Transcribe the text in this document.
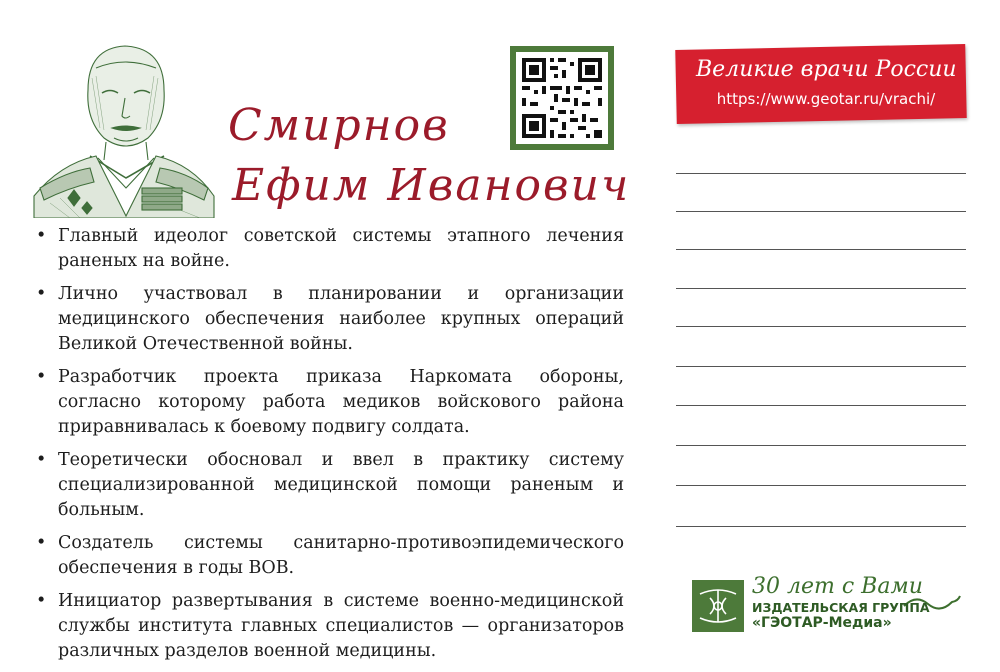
Смирнов
Ефим Иванович
• Главный идеолог советской системы этапного лечения раненых на войне.
• Лично участвовал в планировании и организации медицинского обеспечения наиболее крупных операций Великой Отечественной войны.
• Разработчик проекта приказа Наркомата обороны, согласно которому работа медиков войскового района приравнивалась к боевому подвигу солдата.
• Теоретически обосновал и ввел в практику систему специализированной медицинской помощи раненым и больным.
• Создатель системы санитарно-противоэпидемического обеспечения в годы ВОВ.
• Инициатор развертывания в системе военно-медицинской службы института главных специалистов — организаторов различных разделов военной медицины.
Великие врачи России
https://www.geotar.ru/vrachi/
30 лет с Вами
ИЗДАТЕЛЬСКАЯ ГРУППА
«ГЭОТАР-Медиа»
